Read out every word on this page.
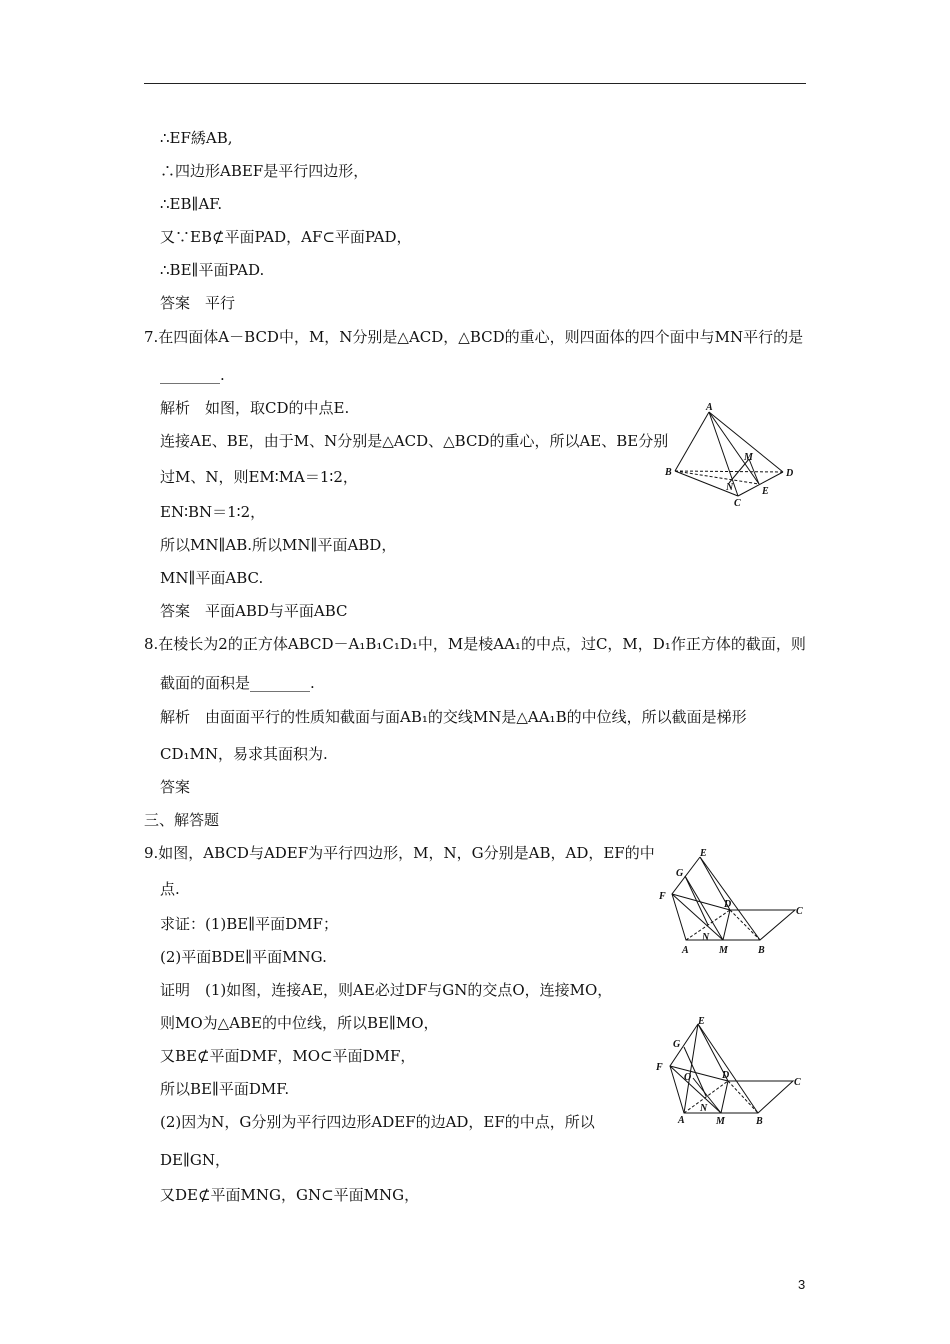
∴EF綉AB,
∴四边形ABEF是平行四边形，
∴EB∥AF.
又∵EB⊄平面PAD，AF⊂平面PAD，
∴BE∥平面PAD.
答案　平行
7.在四面体A－BCD中，M，N分别是△ACD，△BCD的重心，则四面体的四个面中与MN平行的是
________.
解析　如图，取CD的中点E.
连接AE、BE，由于M、N分别是△ACD、△BCD的重心，所以AE、BE分别
过M、N，则EM∶MA＝1∶2，
EN∶BN＝1∶2，
所以MN∥AB.所以MN∥平面ABD，
MN∥平面ABC.
答案　平面ABD与平面ABC
8.在棱长为2的正方体ABCD－A₁B₁C₁D₁中，M是棱AA₁的中点，过C，M，D₁作正方体的截面，则
截面的面积是________.
解析　由面面平行的性质知截面与面AB₁的交线MN是△AA₁B的中位线，所以截面是梯形
CD₁MN，易求其面积为.
答案
三、解答题
9.如图，ABCD与ADEF为平行四边形，M，N，G分别是AB，AD，EF的中
点.
求证：(1)BE∥平面DMF；
(2)平面BDE∥平面MNG.
证明　(1)如图，连接AE，则AE必过DF与GN的交点O，连接MO，
则MO为△ABE的中位线，所以BE∥MO，
又BE⊄平面DMF，MO⊂平面DMF，
所以BE∥平面DMF.
(2)因为N，G分别为平行四边形ADEF的边AD，EF的中点，所以
DE∥GN，
又DE⊄平面MNG，GN⊂平面MNG，
A
B
C
D
M
N	E
E
G
F
D
C
A
N
M	B
E
G
F
O	D
C
A
N
M	B
3
